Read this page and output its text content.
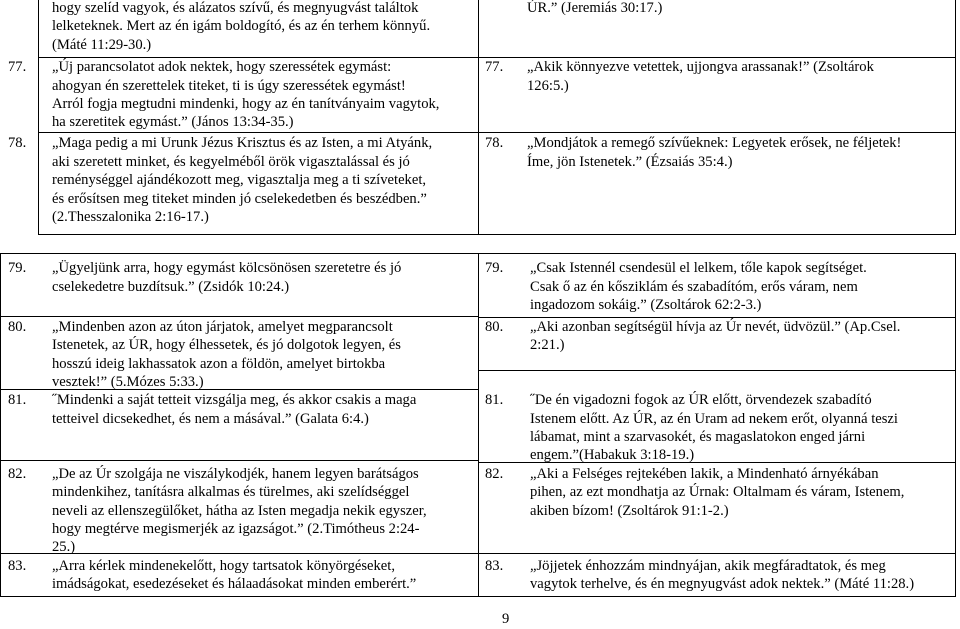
hogy szelíd vagyok, és alázatos szívű, és megnyugvást találtok
lelketeknek. Mert az én igám boldogító, és az én terhem könnyű.
(Máté 11:29-30.)
77. „Új parancsolatot adok nektek, hogy szeressétek egymást:
ahogyan én szerettelek titeket, ti is úgy szeressétek egymást!
Arról fogja megtudni mindenki, hogy az én tanítványaim vagytok,
ha szeretitek egymást.” (János 13:34-35.)
78. „Maga pedig a mi Urunk Jézus Krisztus és az Isten, a mi Atyánk,
aki szeretett minket, és kegyelméből örök vigasztalással és jó
reménységgel ajándékozott meg, vigasztalja meg a ti szíveteket,
és erősítsen meg titeket minden jó cselekedetben és beszédben.”
(2.Thesszalonika 2:16-17.)
ÚR.” (Jeremiás 30:17.)
77. „Akik könnyezve vetettek, ujjongva arassanak!” (Zsoltárok
126:5.)
78. „Mondjátok a remegő szívűeknek: Legyetek erősek, ne féljetek!
Íme, jön Istenetek.” (Ézsaiás 35:4.)
79. „Ügyeljünk arra, hogy egymást kölcsönösen szeretetre és jó
cselekedetre buzdítsuk.” (Zsidók 10:24.)
80. „Mindenben azon az úton járjatok, amelyet megparancsolt
Istenetek, az ÚR, hogy élhessetek, és jó dolgotok legyen, és
hosszú ideig lakhassatok azon a földön, amelyet birtokba
vesztek!” (5.Mózes 5:33.)
81. ˝Mindenki a saját tetteit vizsgálja meg, és akkor csakis a maga
tetteivel dicsekedhet, és nem a másával.” (Galata 6:4.)
82. „De az Úr szolgája ne viszálykodjék, hanem legyen barátságos
mindenkihez, tanításra alkalmas és türelmes, aki szelídséggel
neveli az ellenszegülőket, hátha az Isten megadja nekik egyszer,
hogy megtérve megismerjék az igazságot.” (2.Timótheus 2:24-
25.)
83. „Arra kérlek mindenekelőtt, hogy tartsatok könyörgéseket,
imádságokat, esedezéseket és hálaadásokat minden emberért.”
79. „Csak Istennél csendesül el lelkem, tőle kapok segítséget.
Csak ő az én kősziklám és szabadítóm, erős váram, nem
ingadozom sokáig.” (Zsoltárok 62:2-3.)
80. „Aki azonban segítségül hívja az Úr nevét, üdvözül.” (Ap.Csel.
2:21.)
81. ˝De én vigadozni fogok az ÚR előtt, örvendezek szabadító
Istenem előtt. Az ÚR, az én Uram ad nekem erőt, olyanná teszi
lábamat, mint a szarvasokét, és magaslatokon enged járni
engem.”(Habakuk 3:18-19.)
82. „Aki a Felséges rejtekében lakik, a Mindenható árnyékában
pihen, az ezt mondhatja az Úrnak: Oltalmam és váram, Istenem,
akiben bízom! (Zsoltárok 91:1-2.)
83. „Jöjjetek énhozzám mindnyájan, akik megfáradtatok, és meg
vagytok terhelve, és én megnyugvást adok nektek.” (Máté 11:28.)
9
